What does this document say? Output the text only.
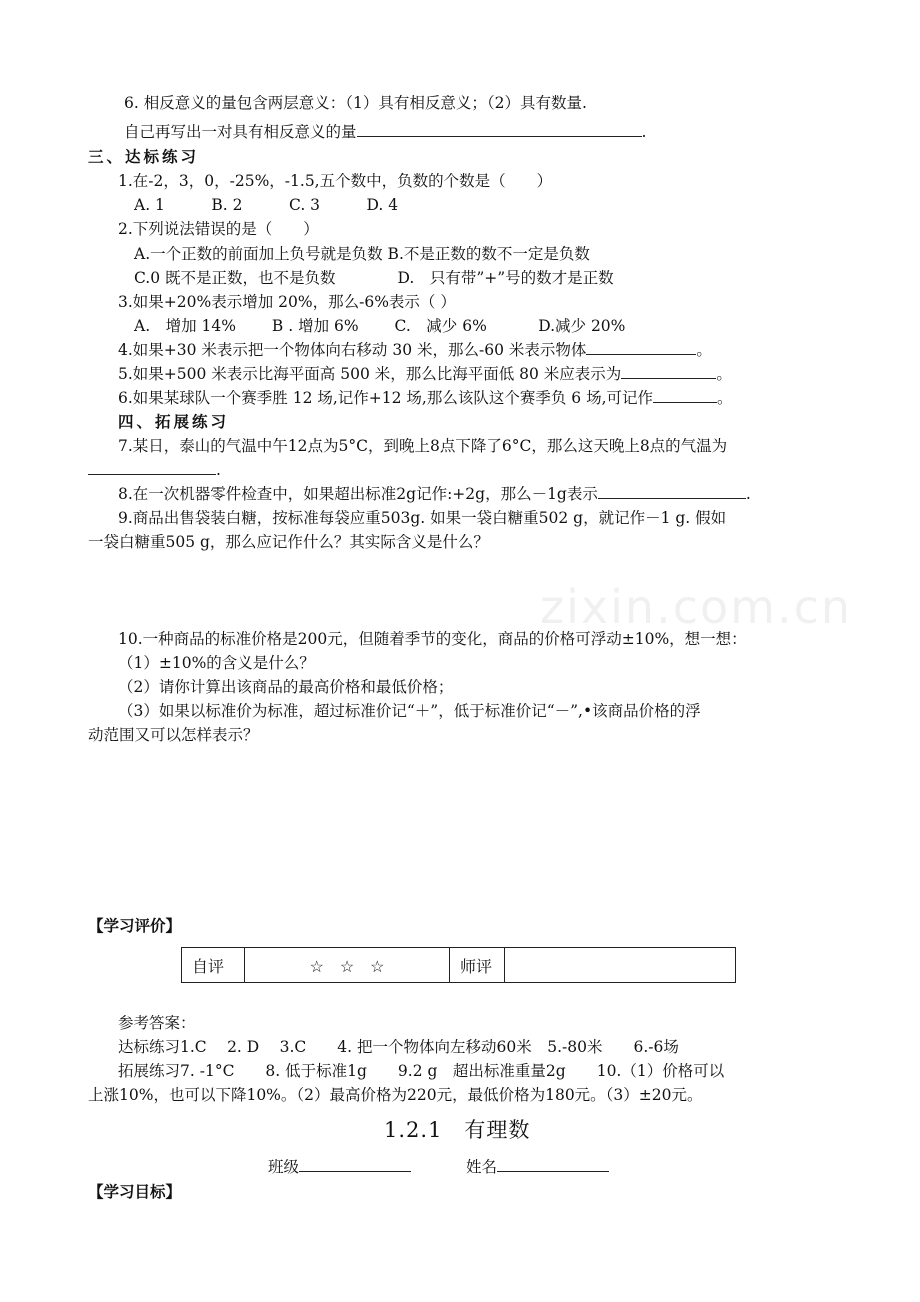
zixin.com.cn
6. 相反意义的量包含两层意义：（1）具有相反意义；（2）具有数量.
自己再写出一对具有相反意义的量	.
三、达标练习
1.在-2，3，0，-25%，-1.5,五个数中，负数的个数是（　　）
A. 1　　　B. 2　　　C. 3　　　D. 4
2.下列说法错误的是（　　）
A.一个正数的前面加上负号就是负数 B.不是正数的数不一定是负数
C.0 既不是正数，也不是负数　　　　D.　只有带”+”号的数才是正数
3.如果+20%表示增加 20%，那么-6%表示（ ）
A.　增加 14%　　 B . 增加 6%　　 C.　减少 6%　　　 D.减少 20%
4.如果+30 米表示把一个物体向右移动 30 米，那么-60 米表示物体	。
5.如果+500 米表示比海平面高 500 米，那么比海平面低 80 米应表示为	。
6.如果某球队一个赛季胜 12 场,记作+12 场,那么该队这个赛季负 6 场,可记作	。
四、拓展练习
7.某日，泰山的气温中午12点为5°C，到晚上8点下降了6°C，那么这天晚上8点的气温为
.
8.在一次机器零件检查中，如果超出标准2g记作:+2g，那么－1g表示	.
9.商品出售袋装白糖，按标准每袋应重503g. 如果一袋白糖重502 g，就记作－1 g. 假如
一袋白糖重505 g，那么应记作什么？其实际含义是什么？
10.一种商品的标准价格是200元，但随着季节的变化，商品的价格可浮动±10%，想一想：
（1）±10%的含义是什么？
（2）请你计算出该商品的最高价格和最低价格；
（3）如果以标准价为标准，超过标准价记“＋”，低于标准价记“－”,•该商品价格的浮
动范围又可以怎样表示？
【学习评价】
自评	☆　☆　☆	师评	
参考答案：
达标练习1.C　 2. D　 3.C　　4. 把一个物体向左移动60米　5.-80米　　6.-6场
拓展练习7. -1°C　　8. 低于标准1g　　9.2 g　超出标准重量2g　　10.（1）价格可以
上涨10%，也可以下降10%。（2）最高价格为220元，最低价格为180元。（3）±20元。
1.2.1　有理数
班级	姓名
【学习目标】
